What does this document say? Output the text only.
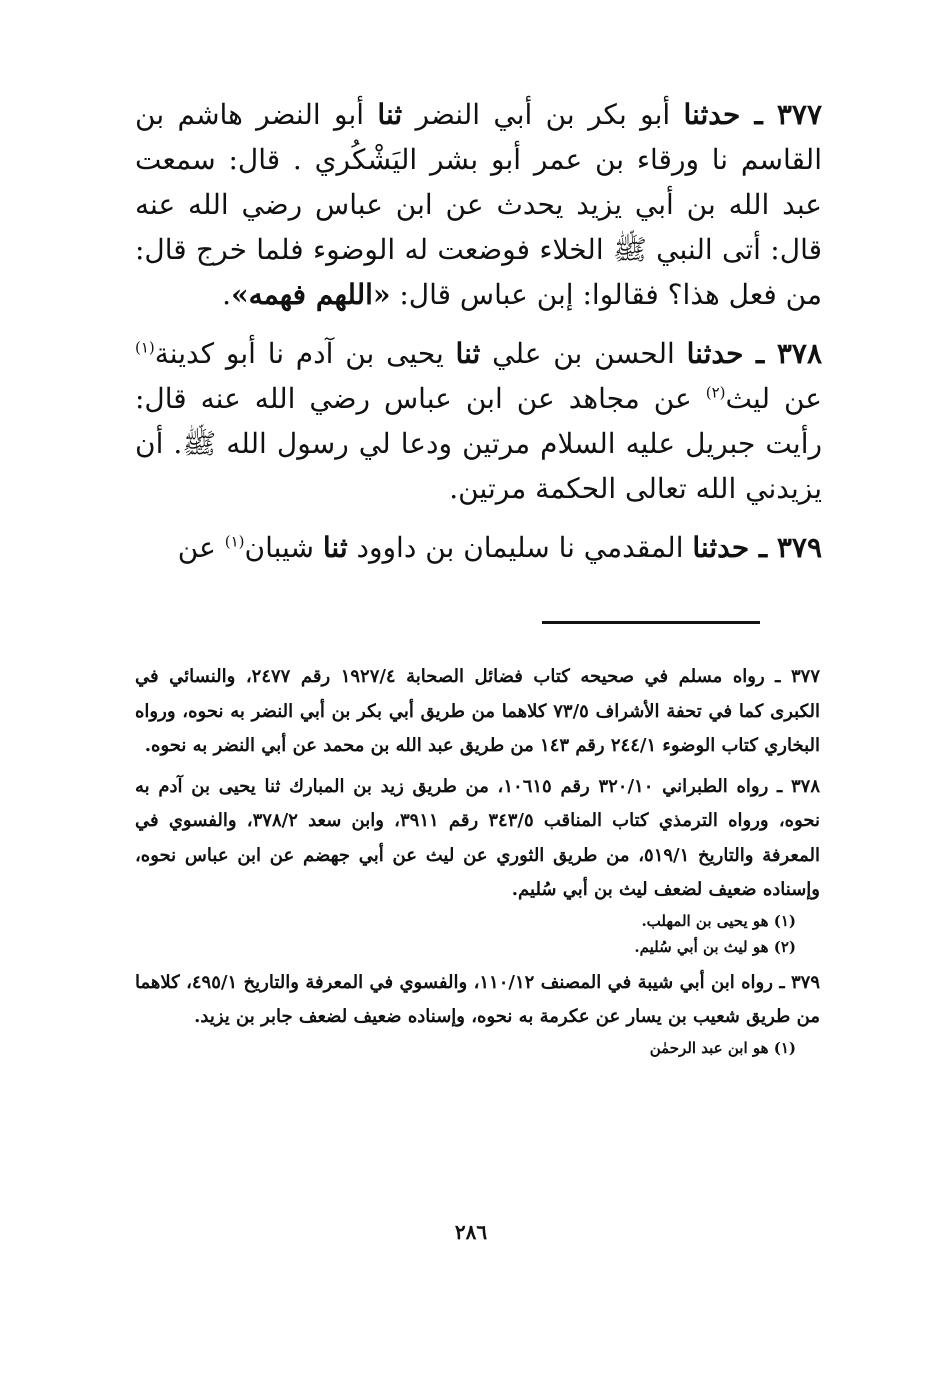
٣٧٧ ـ حدثنا أبو بكر بن أبي النضر ثنا أبو النضر هاشم بن القاسم نا ورقاء بن عمر أبو بشر اليَشْكُري . قال: سمعت عبد الله بن أبي يزيد يحدث عن ابن عباس رضي الله عنه قال: أتى النبي ﷺ الخلاء فوضعت له الوضوء فلما خرج قال: من فعل هذا؟ فقالوا: إبن عباس قال: «اللهم فهمه».

٣٧٨ ـ حدثنا الحسن بن علي ثنا يحيى بن آدم نا أبو كدينة$^{(١)}$ عن ليث$^{(٢)}$ عن مجاهد عن ابن عباس رضي الله عنه قال: رأيت جبريل عليه السلام مرتين ودعا لي رسول الله ﷺ. أن يزيدني الله تعالى الحكمة مرتين.

٣٧٩ ـ حدثنا المقدمي نا سليمان بن داوود ثنا شيبان$^{(١)}$ عن

٣٧٧ ـ رواه مسلم في صحيحه كتاب فضائل الصحابة ١٩٢٧/٤ رقم ٢٤٧٧، والنسائي في الكبرى كما في تحفة الأشراف ٧٣/٥ كلاهما من طريق أبي بكر بن أبي النضر به نحوه، ورواه البخاري كتاب الوضوء ٢٤٤/١ رقم ١٤٣ من طريق عبد الله بن محمد عن أبي النضر به نحوه.

٣٧٨ ـ رواه الطبراني ٣٢٠/١٠ رقم ١٠٦١٥، من طريق زيد بن المبارك ثنا يحيى بن آدم به نحوه، ورواه الترمذي كتاب المناقب ٣٤٣/٥ رقم ٣٩١١، وابن سعد ٣٧٨/٢، والفسوي في المعرفة والتاريخ ٥١٩/١، من طريق الثوري عن ليث عن أبي جهضم عن ابن عباس نحوه، وإسناده ضعيف لضعف ليث بن أبي سُليم.

(١) هو يحيى بن المهلب.

(٢) هو ليث بن أبي سُليم.

٣٧٩ ـ رواه ابن أبي شيبة في المصنف ١١٠/١٢، والفسوي في المعرفة والتاريخ ٤٩٥/١، كلاهما من طريق شعيب بن يسار عن عكرمة به نحوه، وإسناده ضعيف لضعف جابر بن يزيد.

(١) هو ابن عبد الرحمٰن

٢٨٦
